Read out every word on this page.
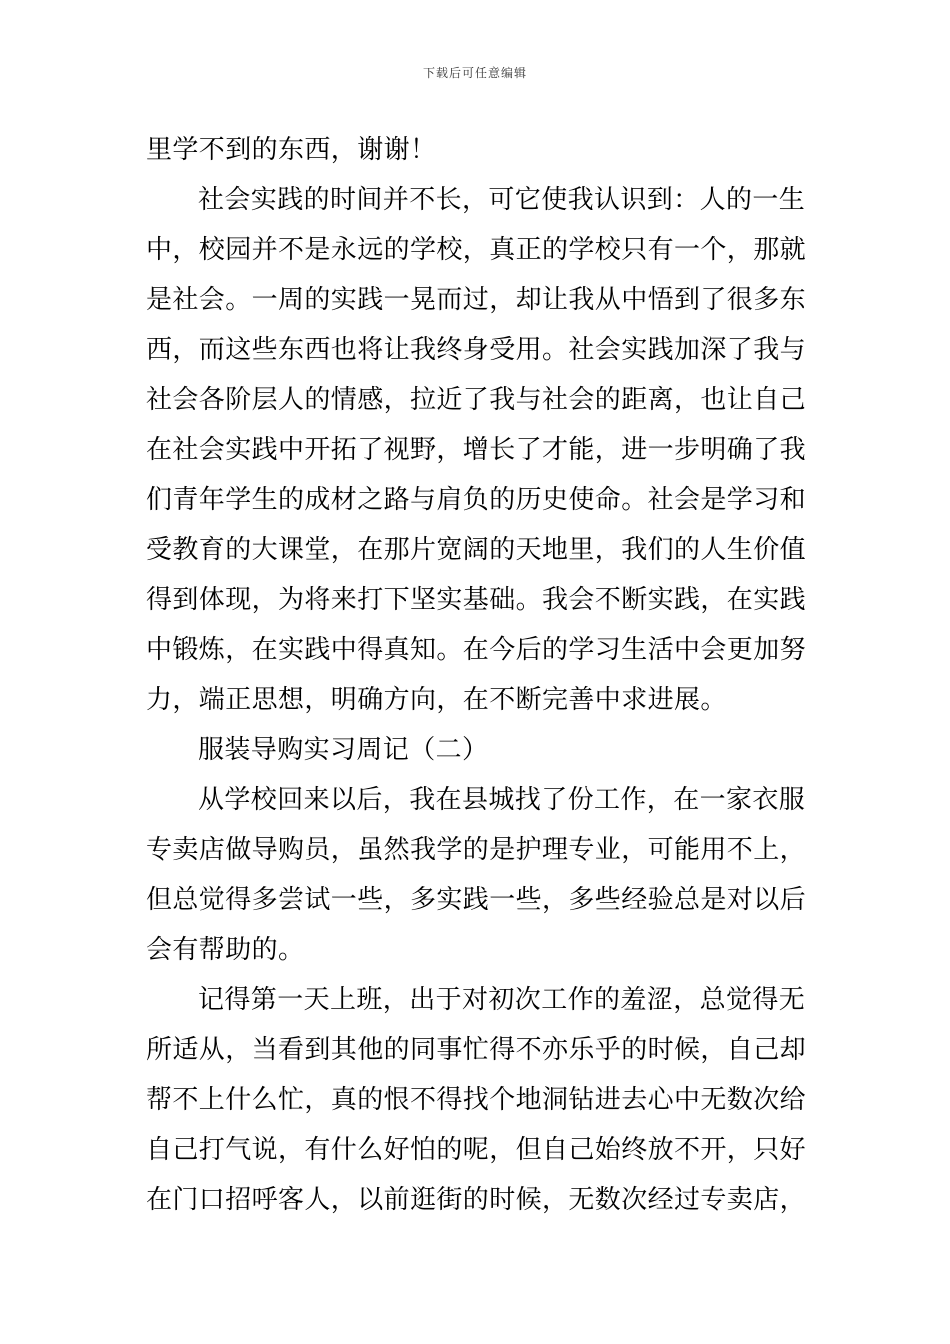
下载后可任意编辑
里学不到的东西，谢谢！
社会实践的时间并不长，可它使我认识到：人的一生
中，校园并不是永远的学校，真正的学校只有一个，那就
是社会。一周的实践一晃而过，却让我从中悟到了很多东
西，而这些东西也将让我终身受用。社会实践加深了我与
社会各阶层人的情感，拉近了我与社会的距离，也让自己
在社会实践中开拓了视野，增长了才能，进一步明确了我
们青年学生的成材之路与肩负的历史使命。社会是学习和
受教育的大课堂，在那片宽阔的天地里，我们的人生价值
得到体现，为将来打下坚实基础。我会不断实践，在实践
中锻炼，在实践中得真知。在今后的学习生活中会更加努
力，端正思想，明确方向，在不断完善中求进展。
服装导购实习周记（二）
从学校回来以后，我在县城找了份工作，在一家衣服
专卖店做导购员，虽然我学的是护理专业，可能用不上，
但总觉得多尝试一些，多实践一些，多些经验总是对以后
会有帮助的。
记得第一天上班，出于对初次工作的羞涩，总觉得无
所适从，当看到其他的同事忙得不亦乐乎的时候，自己却
帮不上什么忙，真的恨不得找个地洞钻进去心中无数次给
自己打气说，有什么好怕的呢，但自己始终放不开，只好
在门口招呼客人，以前逛街的时候，无数次经过专卖店，
